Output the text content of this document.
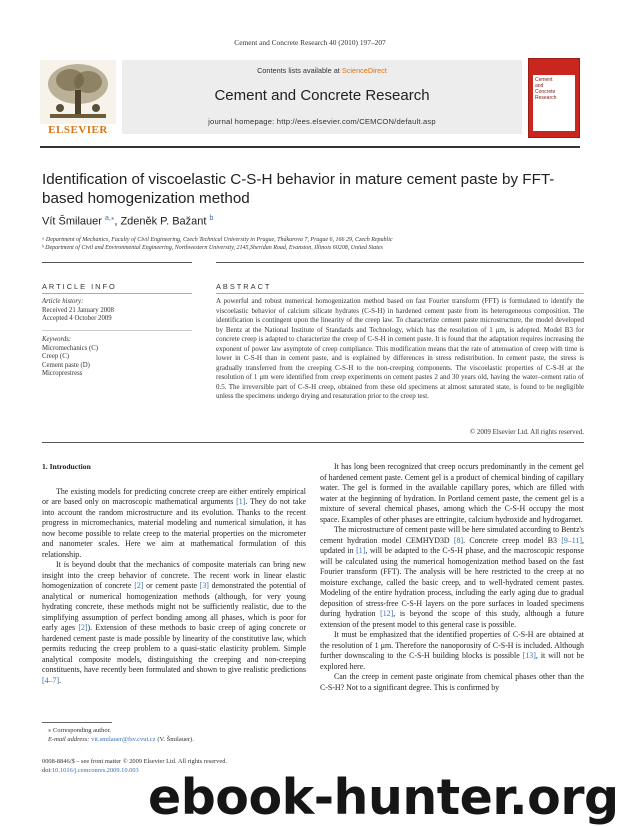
Cement and Concrete Research 40 (2010) 197–207
ELSEVIER
Contents lists available at ScienceDirect
Cement and Concrete Research
journal homepage: http://ees.elsevier.com/CEMCON/default.asp
Cement
and
Concrete
Research
Identification of viscoelastic C-S-H behavior in mature cement paste by FFT-based homogenization method
Vít Šmilauer $^{a,⁎}$, Zdeněk P. Bažant $^b$
ᵃ Department of Mechanics, Faculty of Civil Engineering, Czech Technical University in Prague, Thákurova 7, Prague 6, 166 29, Czech Republic
ᵇ Department of Civil and Environmental Engineering, Northwestern University, 2145,Sheridan Road, Evanston, Illinois 60208, United States
ARTICLE INFO	ABSTRACT
Article history:
Received 21 January 2008
Accepted 4 October 2009
Keywords:
Micromechanics (C)
Creep (C)
Cement paste (D)
Microprestress
A powerful and robust numerical homogenization method based on fast Fourier transform (FFT) is formulated to identify the viscoelastic behavior of calcium silicate hydrates (C-S-H) in hardened cement paste from its heterogeneous composition. The identification is contingent upon the linearity of the creep law. To characterize cement paste microstructure, the model developed by Bentz at the National Institute of Standards and Technology, which has the resolution of 1 μm, is adopted. Model B3 for concrete creep is adapted to characterize the creep of C-S-H in cement paste. It is found that the adaptation requires increasing the exponent of power law asymptote of creep compliance. This modification means that the rate of attenuation of creep with time is lower in C-S-H than in cement paste, and is explained by differences in stress redistribution. In cement paste, the stress is gradually transferred from the creeping C-S-H to the non-creeping components. The viscoelastic properties of C-S-H at the resolution of 1 μm were identified from creep experiments on cement pastes 2 and 30 years old, having the water–cement ratio of 0.5. The irreversible part of C-S-H creep, obtained from these old specimens at almost saturated state, is found to be negligible unless the specimens undergo drying and resaturation prior to the creep test.
© 2009 Elsevier Ltd. All rights reserved.
1. Introduction

The existing models for predicting concrete creep are either entirely empirical or are based only on macroscopic mathematical arguments [1]. They do not take into account the random microstructure and its evolution. Thanks to the recent progress in micromechanics, material modeling and numerical simulation, it has now become possible to relate creep to the material properties on the micrometer and nanometer scales. Here we aim at mathematical formulation of this relationship.

It is beyond doubt that the mechanics of composite materials can bring new insight into the creep behavior of concrete. The recent work in linear elastic homogenization of concrete [2] or cement paste [3] demonstrated the potential of analytical or numerical homogenization methods (although, for very young hydrating concrete, these methods might not be sufficiently realistic, due to the simplifying assumption of perfect bonding among all phases, which is poor for early ages [2]). Extension of these methods to basic creep of aging concrete or hardened cement paste is made possible by linearity of the constitutive law, which permits reducing the creep problem to a quasi-static elasticity problem. Simple analytical composite models, distinguishing the creeping and non-creeping constituents, have recently been formulated and shown to give realistic predictions [4–7].

It has long been recognized that creep occurs predominantly in the cement gel of hardened cement paste. Cement gel is a product of chemical binding of capillary water. The gel is formed in the available capillary pores, which are filled with water at the beginning of hydration. In Portland cement paste, the cement gel is a mixture of several chemical phases, among which the C-S-H occupy the most space. Examples of other phases are ettringite, calcium hydroxide and hydrogarnet.

The microstructure of cement paste will be here simulated according to Bentz's cement hydration model CEMHYD3D [8]. Concrete creep model B3 [9–11], updated in [1], will be adapted to the C-S-H phase, and the macroscopic response will be calculated using the numerical homogenization method based on the fast Fourier transform (FFT). The analysis will be here restricted to the creep at no moisture exchange, called the basic creep, and to well-hydrated cement pastes. Modeling of the entire hydration process, including the early aging due to gradual deposition of stress-free C-S-H layers on the pore surfaces in loaded specimens during hydration [12], is beyond the scope of this study, although a future extension of the present model to this general case is possible.

It must be emphasized that the identified properties of C-S-H are obtained at the resolution of 1 μm. Therefore the nanoporosity of C-S-H is included. Although further downscaling to the C-S-H building blocks is possible [13], it will not be explored here.

Can the creep in cement paste originate from chemical phases other than the C-S-H? Not to a significant degree. This is confirmed by

⁎ Corresponding author.
E-mail address: vit.smilauer@fsv.cvut.cz (V. Šmilauer).
0008-8846/$ – see front matter © 2009 Elsevier Ltd. All rights reserved.
doi:10.1016/j.cemconres.2009.10.003 ebook-hunter.org
